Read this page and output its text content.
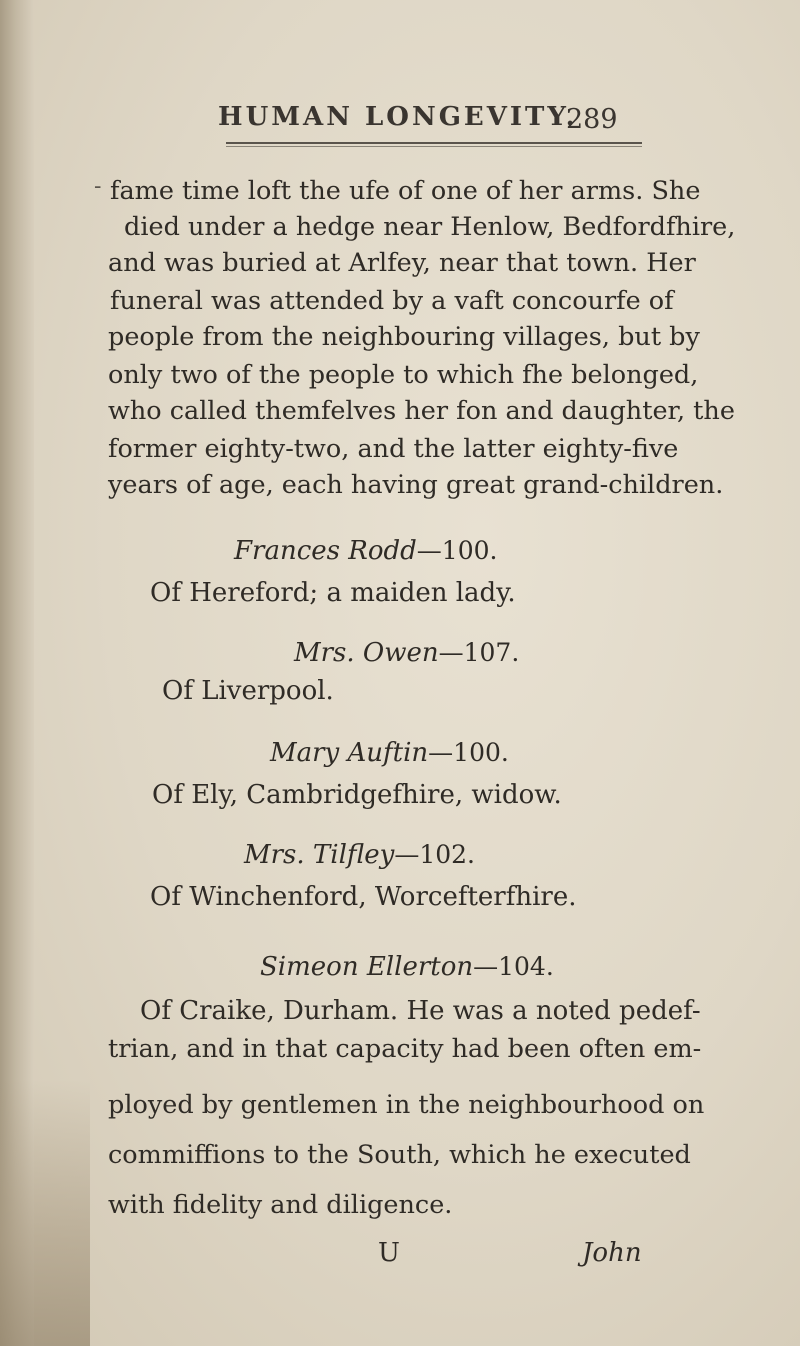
HUMAN LONGEVITY.
289
- fame time loft the ufe of one of her arms. She
died under a hedge near Henlow, Bedfordfhire,
and was buried at Arlfey, near that town. Her
funeral was attended by a vaft concourfe of
people from the neighbouring villages, but by
only two of the people to which fhe belonged,
who called themfelves her fon and daughter, the
former eighty-two, and the latter eighty-five
years of age, each having great grand-children.
Frances Rodd—100.
Of Hereford; a maiden lady.
Mrs. Owen—107.
Of Liverpool.
Mary Auftin—100.
Of Ely, Cambridgefhire, widow.
Mrs. Tilfley—102.
Of Winchenford, Worcefterfhire.
Simeon Ellerton—104.
Of Craike, Durham. He was a noted pedef-
trian, and in that capacity had been often em-
ployed by gentlemen in the neighbourhood on
commiffions to the South, which he executed
with fidelity and diligence.
U	John
